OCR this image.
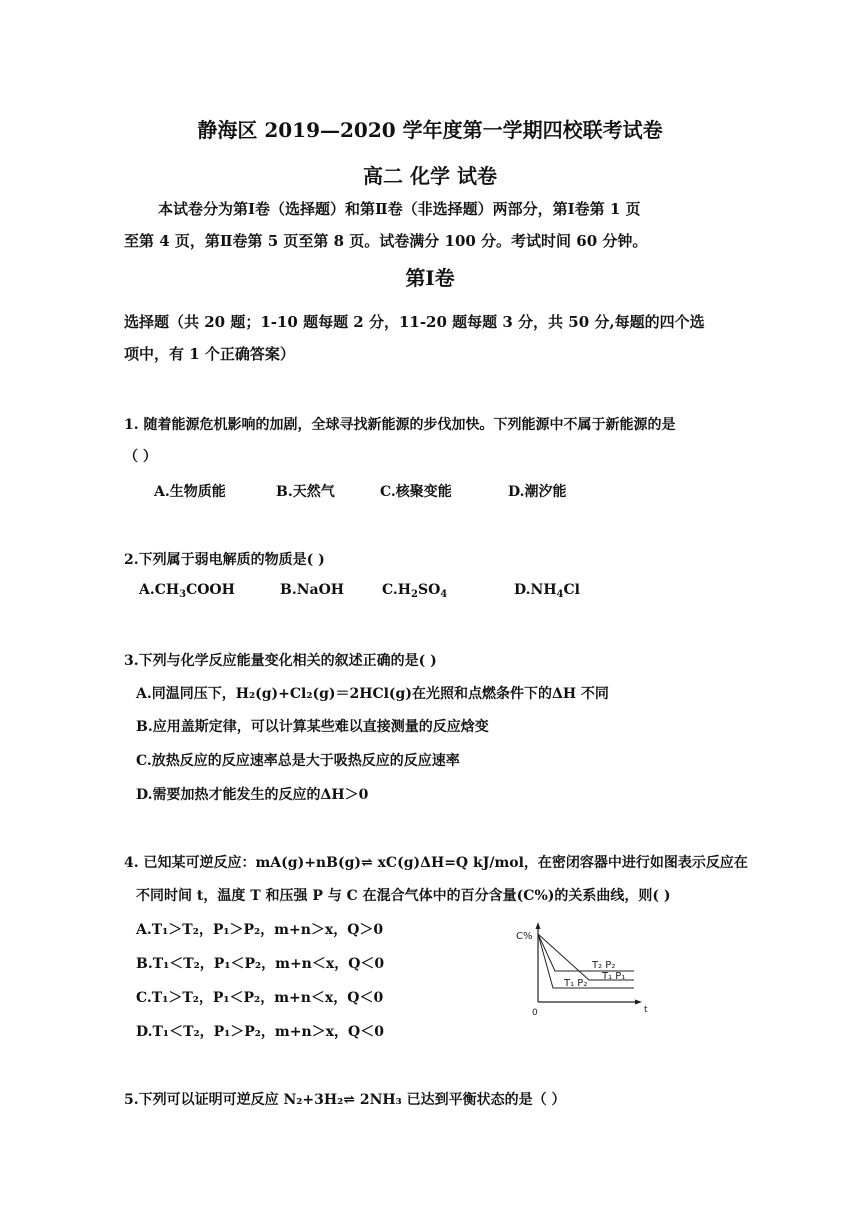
静海区 2019—2020 学年度第一学期四校联考试卷
高二 化学 试卷
本试卷分为第Ⅰ卷（选择题）和第Ⅱ卷（非选择题）两部分，第Ⅰ卷第 1 页
至第 4 页，第Ⅱ卷第 5 页至第 8 页。试卷满分 100 分。考试时间 60 分钟。
第Ⅰ卷
选择题（共 20 题；1-10 题每题 2 分，11-20 题每题 3 分，共 50 分,每题的四个选
项中，有 1 个正确答案）
1. 随着能源危机影响的加剧，全球寻找新能源的步伐加快。下列能源中不属于新能源的是
（ ）
A.生物质能	B.天然气	C.核聚变能	D.潮汐能
2.下列属于弱电解质的物质是( )
$A.CH_3COOH$	B.NaOH	$C.H_2SO_4$	$D.NH_4Cl$
3.下列与化学反应能量变化相关的叙述正确的是( )
A.同温同压下，H₂(g)+Cl₂(g)＝2HCl(g)在光照和点燃条件下的ΔH 不同
B.应用盖斯定律，可以计算某些难以直接测量的反应焓变
C.放热反应的反应速率总是大于吸热反应的反应速率
D.需要加热才能发生的反应的ΔH＞0
4. 已知某可逆反应：mA(g)+nB(g)⇌ xC(g)ΔH=Q kJ/mol，在密闭容器中进行如图表示反应在
不同时间 t，温度 T 和压强 P 与 C 在混合气体中的百分含量(C%)的关系曲线，则( )
A.T₁＞T₂，P₁＞P₂，m+n＞x，Q＞0
B.T₁＜T₂，P₁＜P₂，m+n＜x，Q＜0
C.T₁＞T₂，P₁＜P₂，m+n＜x，Q＜0
D.T₁＜T₂，P₁＞P₂，m+n＞x，Q＜0
C%
t
0
T₂ P₂
T₁ P₁
T₁ P₂
5.下列可以证明可逆反应 N₂+3H₂⇌ 2NH₃ 已达到平衡状态的是（ ）
